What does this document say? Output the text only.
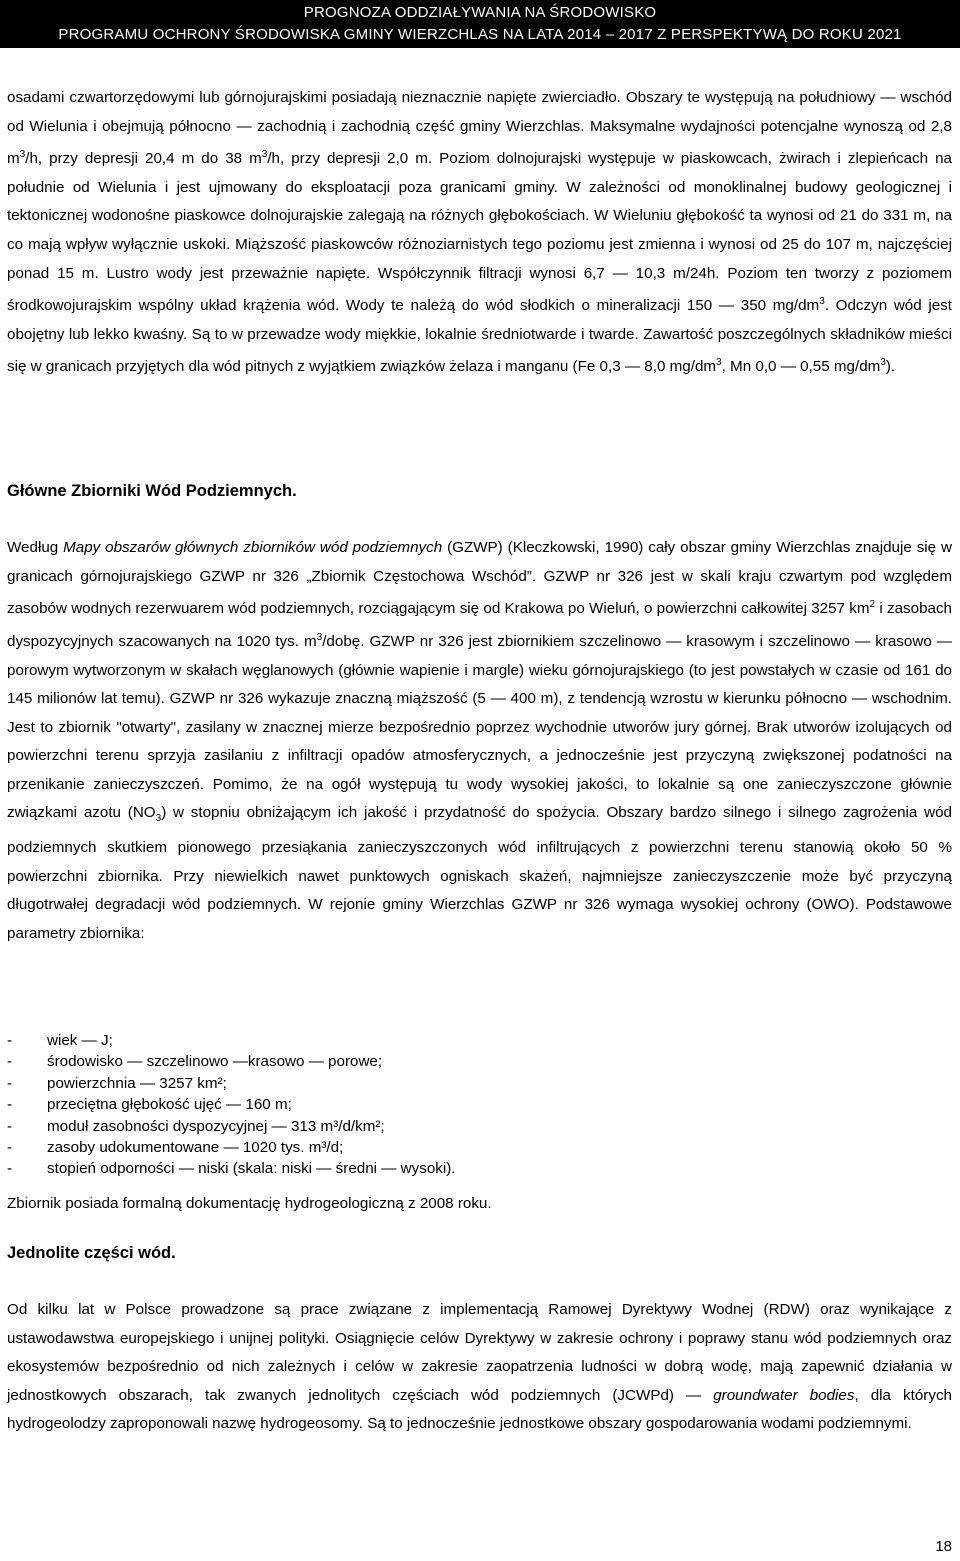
PROGNOZA ODDZIAŁYWANIA NA ŚRODOWISKO
PROGRAMU OCHRONY ŚRODOWISKA GMINY WIERZCHLAS NA LATA 2014 – 2017 Z PERSPEKTYWĄ DO ROKU 2021

osadami czwartorzędowymi lub górnojurajskimi posiadają nieznacznie napięte zwierciadło. Obszary te występują na południowy — wschód od Wielunia i obejmują północno — zachodnią i zachodnią część gminy Wierzchlas. Maksymalne wydajności potencjalne wynoszą od 2,8 $m^3/h$, przy depresji 20,4 m do 38 $m^3/h$, przy depresji 2,0 m. Poziom dolnojurajski występuje w piaskowcach, żwirach i zlepieńcach na południe od Wielunia i jest ujmowany do eksploatacji poza granicami gminy. W zależności od monoklinalnej budowy geologicznej i tektonicznej wodonośne piaskowce dolnojurajskie zalegają na różnych głębokościach. W Wieluniu głębokość ta wynosi od 21 do 331 m, na co mają wpływ wyłącznie uskoki. Miąższość piaskowców różnoziarnistych tego poziomu jest zmienna i wynosi od 25 do 107 m, najczęściej ponad 15 m. Lustro wody jest przeważnie napięte. Współczynnik filtracji wynosi 6,7 — 10,3 m/24h. Poziom ten tworzy z poziomem środkowojurajskim wspólny układ krążenia wód. Wody te należą do wód słodkich o mineralizacji 150 — 350 $mg/dm^3$. Odczyn wód jest obojętny lub lekko kwaśny. Są to w przewadze wody miękkie, lokalnie średniotwarde i twarde. Zawartość poszczególnych składników mieści się w granicach przyjętych dla wód pitnych z wyjątkiem związków żelaza i manganu (Fe 0,3 — 8,0 $mg/dm^3$, Mn 0,0 — 0,55 $mg/dm^3$).

Główne Zbiorniki Wód Podziemnych.

Według Mapy obszarów głównych zbiorników wód podziemnych (GZWP) (Kleczkowski, 1990) cały obszar gminy Wierzchlas znajduje się w granicach górnojurajskiego GZWP nr 326 „Zbiornik Częstochowa Wschód”. GZWP nr 326 jest w skali kraju czwartym pod względem zasobów wodnych rezerwuarem wód podziemnych, rozciągającym się od Krakowa po Wieluń, o powierzchni całkowitej 3257 $km^2$ i zasobach dyspozycyjnych szacowanych na 1020 tys. $m^3$/dobę. GZWP nr 326 jest zbiornikiem szczelinowo — krasowym i szczelinowo — krasowo — porowym wytworzonym w skałach węglanowych (głównie wapienie i margle) wieku górnojurajskiego (to jest powstałych w czasie od 161 do 145 milionów lat temu). GZWP nr 326 wykazuje znaczną miąższość (5 — 400 m), z tendencją wzrostu w kierunku północno — wschodnim. Jest to zbiornik "otwarty", zasilany w znacznej mierze bezpośrednio poprzez wychodnie utworów jury górnej. Brak utworów izolujących od powierzchni terenu sprzyja zasilaniu z infiltracji opadów atmosferycznych, a jednocześnie jest przyczyną zwiększonej podatności na przenikanie zanieczyszczeń. Pomimo, że na ogół występują tu wody wysokiej jakości, to lokalnie są one zanieczyszczone głównie związkami azotu $(NO_3)$ w stopniu obniżającym ich jakość i przydatność do spożycia. Obszary bardzo silnego i silnego zagrożenia wód podziemnych skutkiem pionowego przesiąkania zanieczyszczonych wód infiltrujących z powierzchni terenu stanowią około 50 % powierzchni zbiornika. Przy niewielkich nawet punktowych ogniskach skażeń, najmniejsze zanieczyszczenie może być przyczyną długotrwałej degradacji wód podziemnych. W rejonie gminy Wierzchlas GZWP nr 326 wymaga wysokiej ochrony (OWO). Podstawowe parametry zbiornika:

- wiek — J;
- środowisko — szczelinowo —krasowo — porowe;
- powierzchnia — 3257 km²;
- przeciętna głębokość ujęć — 160 m;
- moduł zasobności dyspozycyjnej — 313 m³/d/km²;
- zasoby udokumentowane — 1020 tys. m³/d;
- stopień odporności — niski (skala: niski — średni — wysoki).

Zbiornik posiada formalną dokumentację hydrogeologiczną z 2008 roku.

Jednolite części wód.

Od kilku lat w Polsce prowadzone są prace związane z implementacją Ramowej Dyrektywy Wodnej (RDW) oraz wynikające z ustawodawstwa europejskiego i unijnej polityki. Osiągnięcie celów Dyrektywy w zakresie ochrony i poprawy stanu wód podziemnych oraz ekosystemów bezpośrednio od nich zależnych i celów w zakresie zaopatrzenia ludności w dobrą wodę, mają zapewnić działania w jednostkowych obszarach, tak zwanych jednolitych częściach wód podziemnych (JCWPd) — groundwater bodies, dla których hydrogeolodzy zaproponowali nazwę hydrogeosomy. Są to jednocześnie jednostkowe obszary gospodarowania wodami podziemnymi.

18
